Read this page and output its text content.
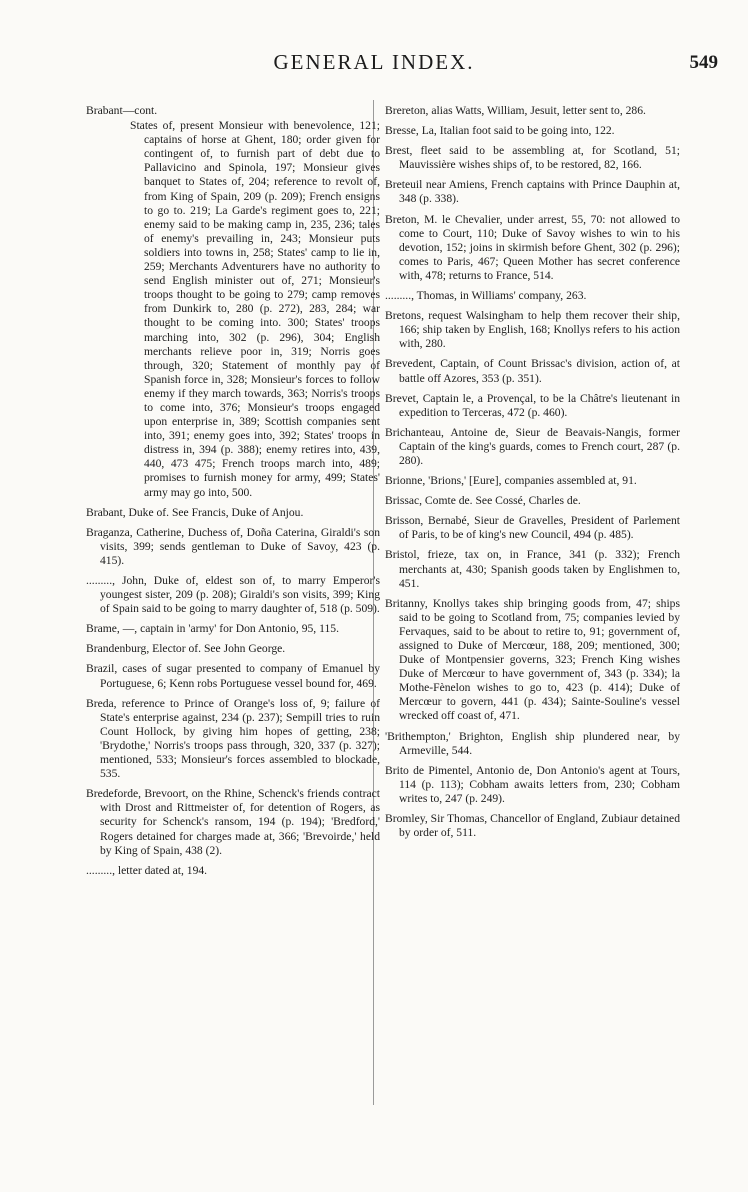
GENERAL INDEX.	549
Brabant—cont.
States of, present Monsieur with benevolence, 121; captains of horse at Ghent, 180; order given for contingent of, to furnish part of debt due to Pallavicino and Spinola, 197; Monsieur gives banquet to States of, 204; reference to revolt of, from King of Spain, 209 (p. 209); French ensigns to go to. 219; La Garde's regiment goes to, 221; enemy said to be making camp in, 235, 236; tales of enemy's prevailing in, 243; Monsieur puts soldiers into towns in, 258; States' camp to lie in, 259; Merchants Adventurers have no authority to send English minister out of, 271; Monsieur's troops thought to be going to 279; camp removes from Dunkirk to, 280 (p. 272), 283, 284; war thought to be coming into. 300; States' troops marching into, 302 (p. 296), 304; English merchants relieve poor in, 319; Norris goes through, 320; Statement of monthly pay of Spanish force in, 328; Monsieur's forces to follow enemy if they march towards, 363; Norris's troops to come into, 376; Monsieur's troops engaged upon enterprise in, 389; Scottish companies sent into, 391; enemy goes into, 392; States' troops in distress in, 394 (p. 388); enemy retires into, 439, 440, 473 475; French troops march into, 489; promises to furnish money for army, 499; States' army may go into, 500.
Brabant, Duke of. See Francis, Duke of Anjou.
Braganza, Catherine, Duchess of, Doña Caterina, Giraldi's son visits, 399; sends gentleman to Duke of Savoy, 423 (p. 415).
........., John, Duke of, eldest son of, to marry Emperor's youngest sister, 209 (p. 208); Giraldi's son visits, 399; King of Spain said to be going to marry daughter of, 518 (p. 509).
Brame, —, captain in 'army' for Don Antonio, 95, 115.
Brandenburg, Elector of. See John George.
Brazil, cases of sugar presented to company of Emanuel by Portuguese, 6; Kenn robs Portuguese vessel bound for, 469.
Breda, reference to Prince of Orange's loss of, 9; failure of State's enterprise against, 234 (p. 237); Sempill tries to ruin Count Hollock, by giving him hopes of getting, 238; 'Brydothe,' Norris's troops pass through, 320, 337 (p. 327); mentioned, 533; Monsieur's forces assembled to blockade, 535.
Bredeforde, Brevoort, on the Rhine, Schenck's friends contract with Drost and Rittmeister of, for detention of Rogers, as security for Schenck's ransom, 194 (p. 194); 'Bredford,' Rogers detained for charges made at, 366; 'Brevoirde,' held by King of Spain, 438 (2).
........., letter dated at, 194.
Brereton, alias Watts, William, Jesuit, letter sent to, 286.
Bresse, La, Italian foot said to be going into, 122.
Brest, fleet said to be assembling at, for Scotland, 51; Mauvissière wishes ships of, to be restored, 82, 166.
Breteuil near Amiens, French captains with Prince Dauphin at, 348 (p. 338).
Breton, M. le Chevalier, under arrest, 55, 70: not allowed to come to Court, 110; Duke of Savoy wishes to win to his devotion, 152; joins in skirmish before Ghent, 302 (p. 296); comes to Paris, 467; Queen Mother has secret conference with, 478; returns to France, 514.
........., Thomas, in Williams' company, 263.
Bretons, request Walsingham to help them recover their ship, 166; ship taken by English, 168; Knollys refers to his action with, 280.
Brevedent, Captain, of Count Brissac's division, action of, at battle off Azores, 353 (p. 351).
Brevet, Captain le, a Provençal, to be la Châtre's lieutenant in expedition to Terceras, 472 (p. 460).
Brichanteau, Antoine de, Sieur de Beavais-Nangis, former Captain of the king's guards, comes to French court, 287 (p. 280).
Brionne, 'Brions,' [Eure], companies assembled at, 91.
Brissac, Comte de. See Cossé, Charles de.
Brisson, Bernabé, Sieur de Gravelles, President of Parlement of Paris, to be of king's new Council, 494 (p. 485).
Bristol, frieze, tax on, in France, 341 (p. 332); French merchants at, 430; Spanish goods taken by Englishmen to, 451.
Britanny, Knollys takes ship bringing goods from, 47; ships said to be going to Scotland from, 75; companies levied by Fervaques, said to be about to retire to, 91; government of, assigned to Duke of Mercœur, 188, 209; mentioned, 300; Duke of Montpensier governs, 323; French King wishes Duke of Mercœur to have government of, 343 (p. 334); la Mothe-Fènelon wishes to go to, 423 (p. 414); Duke of Mercœur to govern, 441 (p. 434); Sainte-Souline's vessel wrecked off coast of, 471.
'Brithempton,' Brighton, English ship plundered near, by Armeville, 544.
Brito de Pimentel, Antonio de, Don Antonio's agent at Tours, 114 (p. 113); Cobham awaits letters from, 230; Cobham writes to, 247 (p. 249).
Bromley, Sir Thomas, Chancellor of England, Zubiaur detained by order of, 511.
